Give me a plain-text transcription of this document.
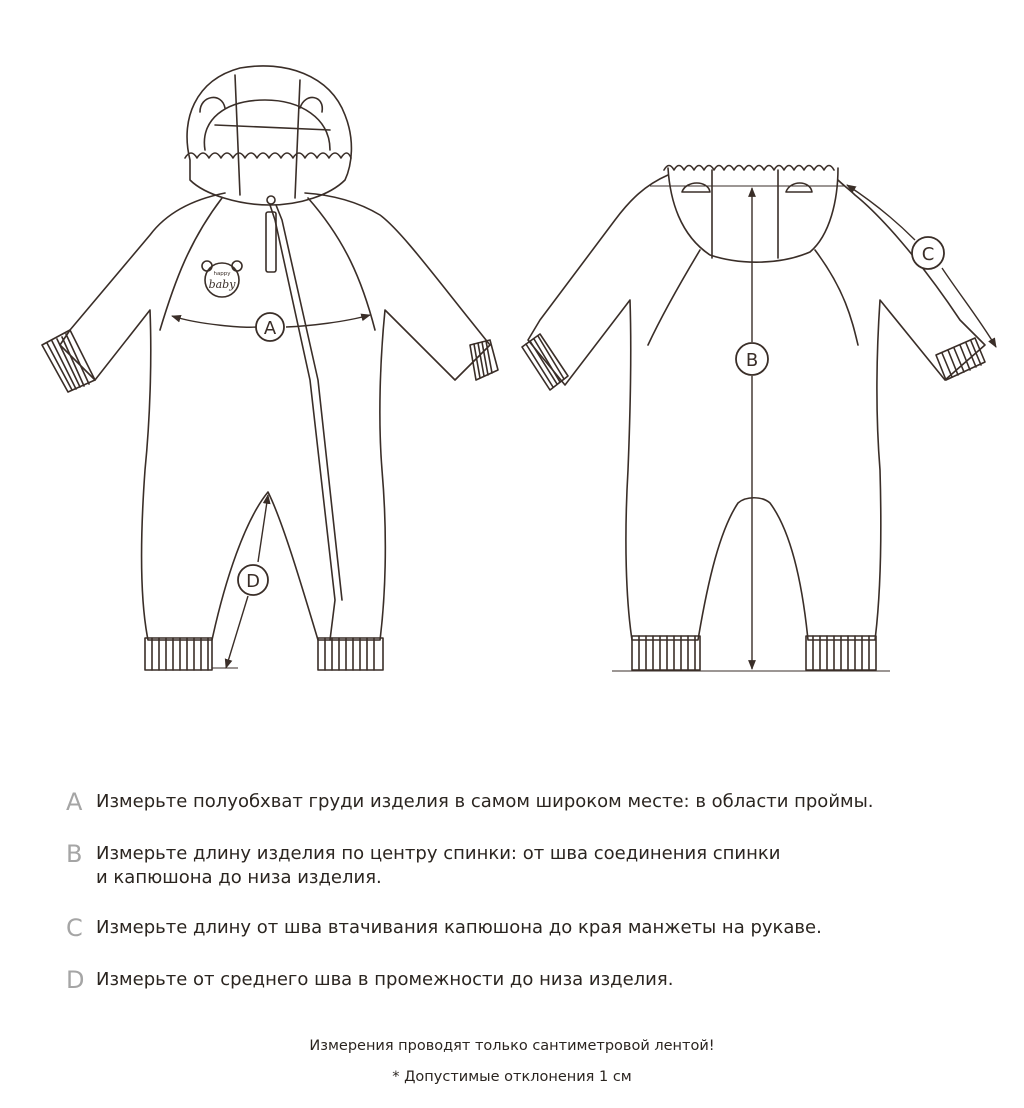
happy
baby
A
D
B
C
A Измерьте полуобхват груди изделия в самом широком месте: в области проймы.
B Измерьте длину изделия по центру спинки: от шва соединения спинки
и капюшона до низа изделия.
C Измерьте длину от шва втачивания капюшона до края манжеты на рукаве.
D Измерьте от среднего шва в промежности до низа изделия.
Измерения проводят только сантиметровой лентой!
* Допустимые отклонения 1 см
